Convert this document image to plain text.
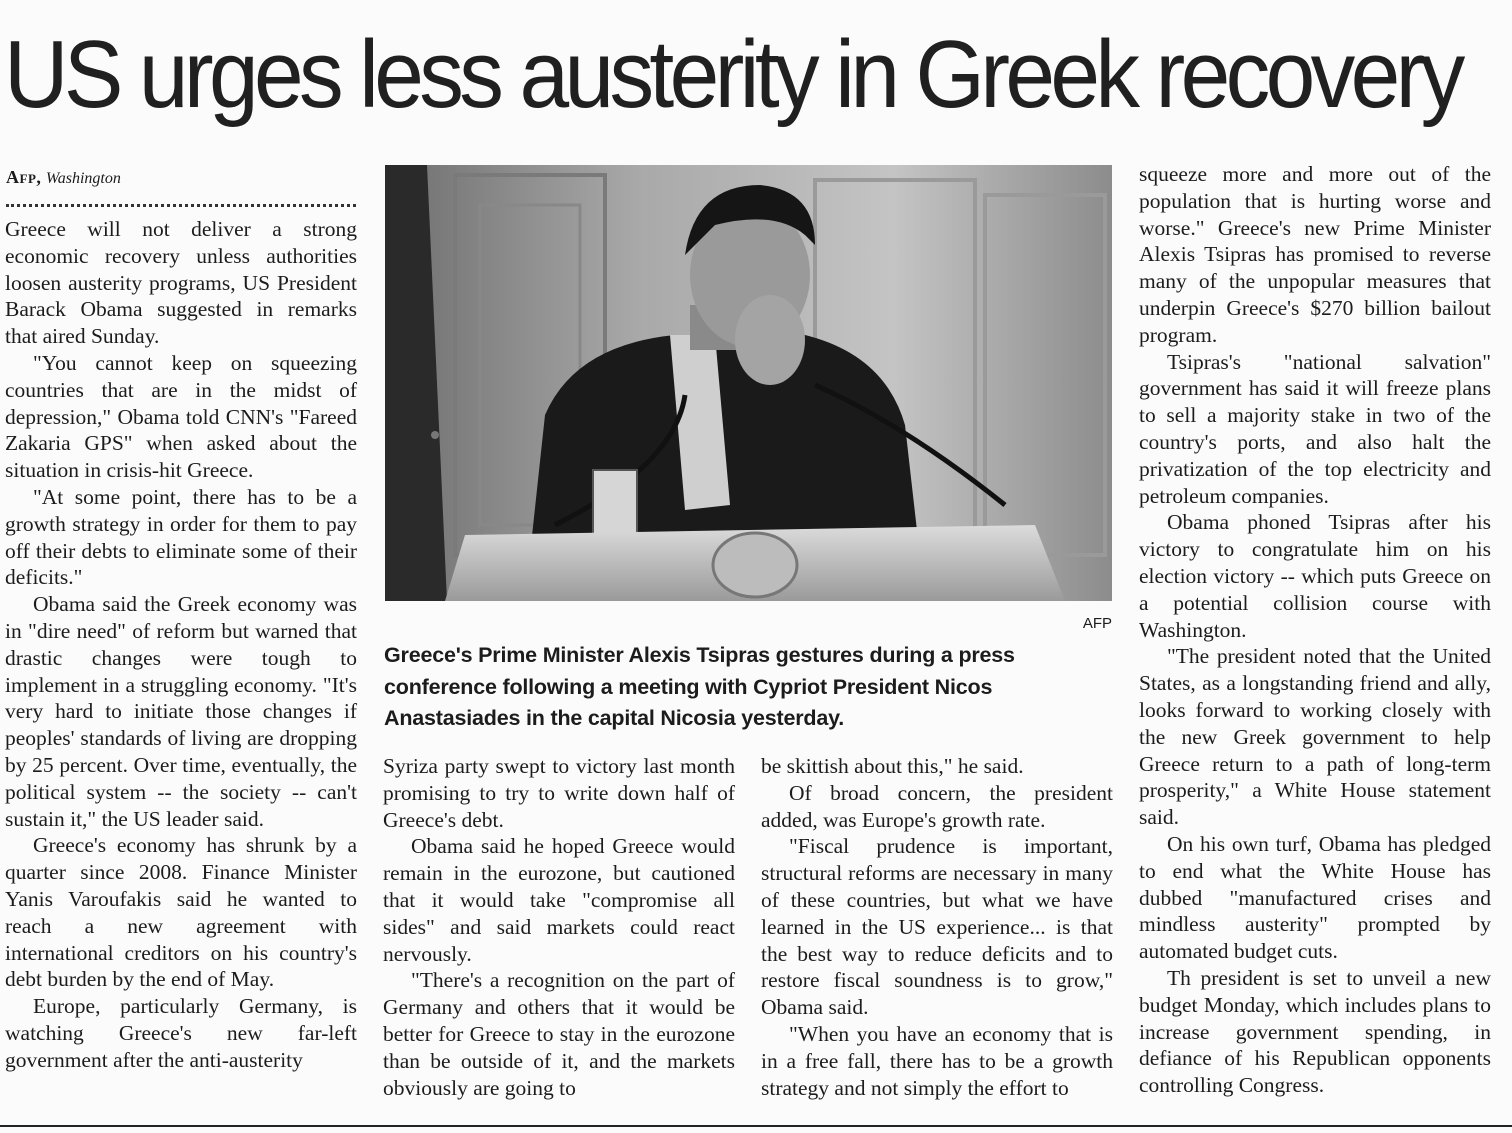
US urges less austerity in Greek recovery
Afp, Washington

Greece will not deliver a strong economic recovery unless authorities loosen austerity programs, US President Barack Obama suggested in remarks that aired Sunday.

"You cannot keep on squeezing countries that are in the midst of depression," Obama told CNN's "Fareed Zakaria GPS" when asked about the situation in crisis-hit Greece.

"At some point, there has to be a growth strategy in order for them to pay off their debts to eliminate some of their deficits."

Obama said the Greek economy was in "dire need" of reform but warned that drastic changes were tough to implement in a struggling economy. "It's very hard to initiate those changes if peoples' standards of living are dropping by 25 percent. Over time, eventually, the political system -- the society -- can't sustain it," the US leader said.

Greece's economy has shrunk by a quarter since 2008. Finance Minister Yanis Varoufakis said he wanted to reach a new agreement with international creditors on his country's debt burden by the end of May.

Europe, particularly Germany, is watching Greece's new far-left government after the anti-austerity

AFP
Greece's Prime Minister Alexis Tsipras gestures during a press conference following a meeting with Cypriot President Nicos Anastasiades in the capital Nicosia yesterday.

Syriza party swept to victory last month promising to try to write down half of Greece's debt.

Obama said he hoped Greece would remain in the eurozone, but cautioned that it would take "compromise all sides" and said markets could react nervously.

"There's a recognition on the part of Germany and others that it would be better for Greece to stay in the eurozone than be outside of it, and the markets obviously are going to

be skittish about this," he said.

Of broad concern, the president added, was Europe's growth rate.

"Fiscal prudence is important, structural reforms are necessary in many of these countries, but what we have learned in the US experience... is that the best way to reduce deficits and to restore fiscal soundness is to grow," Obama said.

"When you have an economy that is in a free fall, there has to be a growth strategy and not simply the effort to

squeeze more and more out of the population that is hurting worse and worse." Greece's new Prime Minister Alexis Tsipras has promised to reverse many of the unpopular measures that underpin Greece's $270 billion bailout program.

Tsipras's "national salvation" government has said it will freeze plans to sell a majority stake in two of the country's ports, and also halt the privatization of the top electricity and petroleum companies.

Obama phoned Tsipras after his victory to congratulate him on his election victory -- which puts Greece on a potential collision course with Washington.

"The president noted that the United States, as a longstanding friend and ally, looks forward to working closely with the new Greek government to help Greece return to a path of long-term prosperity," a White House statement said.

On his own turf, Obama has pledged to end what the White House has dubbed "manufactured crises and mindless austerity" prompted by automated budget cuts.

Th president is set to unveil a new budget Monday, which includes plans to increase government spending, in defiance of his Republican opponents controlling Congress.
